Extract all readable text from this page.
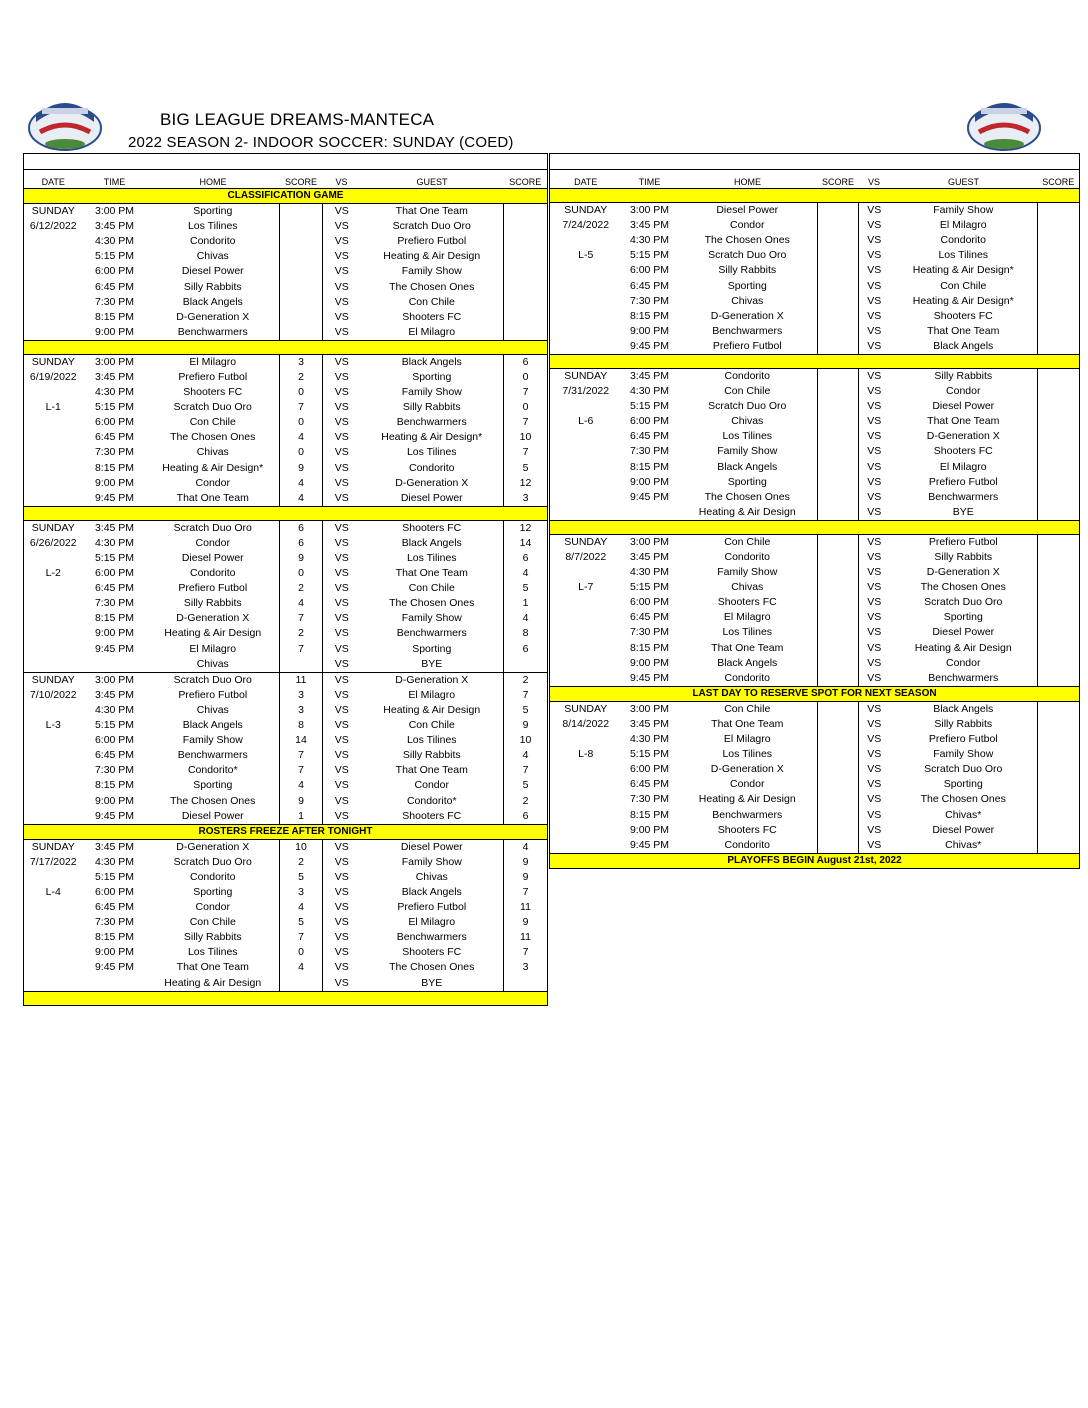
BIG LEAGUE DREAMS-MANTECA
2022 SEASON 2- INDOOR SOCCER: SUNDAY (COED)

DATE	TIME	HOME	SCORE	VS	GUEST	SCORE
CLASSIFICATION GAME						
SUNDAY	3:00 PM	Sporting		VS	That One Team	
6/12/2022	3:45 PM	Los Tilines		VS	Scratch Duo Oro	
	4:30 PM	Condorito		VS	Prefiero Futbol	
	5:15 PM	Chivas		VS	Heating & Air Design	
	6:00 PM	Diesel Power		VS	Family Show	
	6:45 PM	Silly Rabbits		VS	The Chosen Ones	
	7:30 PM	Black Angels		VS	Con Chile	
	8:15 PM	D-Generation X		VS	Shooters FC	
	9:00 PM	Benchwarmers		VS	El Milagro	

SUNDAY	3:00 PM	El Milagro	3	VS	Black Angels	6
6/19/2022	3:45 PM	Prefiero Futbol	2	VS	Sporting	0
	4:30 PM	Shooters FC	0	VS	Family Show	7
L-1	5:15 PM	Scratch Duo Oro	7	VS	Silly Rabbits	0
	6:00 PM	Con Chile	0	VS	Benchwarmers	7
	6:45 PM	The Chosen Ones	4	VS	Heating & Air Design*	10
	7:30 PM	Chivas	0	VS	Los Tilines	7
	8:15 PM	Heating & Air Design*	9	VS	Condorito	5
	9:00 PM	Condor	4	VS	D-Generation X	12
	9:45 PM	That One Team	4	VS	Diesel Power	3

SUNDAY	3:45 PM	Scratch Duo Oro	6	VS	Shooters FC	12
6/26/2022	4:30 PM	Condor	6	VS	Black Angels	14
	5:15 PM	Diesel Power	9	VS	Los Tilines	6
L-2	6:00 PM	Condorito	0	VS	That One Team	4
	6:45 PM	Prefiero Futbol	2	VS	Con Chile	5
	7:30 PM	Silly Rabbits	4	VS	The Chosen Ones	1
	8:15 PM	D-Generation X	7	VS	Family Show	4
	9:00 PM	Heating & Air Design	2	VS	Benchwarmers	8
	9:45 PM	El Milagro	7	VS	Sporting	6
		Chivas		VS	BYE	
SUNDAY	3:00 PM	Scratch Duo Oro	11	VS	D-Generation X	2
7/10/2022	3:45 PM	Prefiero Futbol	3	VS	El Milagro	7
	4:30 PM	Chivas	3	VS	Heating & Air Design	5
L-3	5:15 PM	Black Angels	8	VS	Con Chile	9
	6:00 PM	Family Show	14	VS	Los Tilines	10
	6:45 PM	Benchwarmers	7	VS	Silly Rabbits	4
	7:30 PM	Condorito*	7	VS	That One Team	7
	8:15 PM	Sporting	4	VS	Condor	5
	9:00 PM	The Chosen Ones	9	VS	Condorito*	2
	9:45 PM	Diesel Power	1	VS	Shooters FC	6
ROSTERS FREEZE AFTER TONIGHT						
SUNDAY	3:45 PM	D-Generation X	10	VS	Diesel Power	4
7/17/2022	4:30 PM	Scratch Duo Oro	2	VS	Family Show	9
	5:15 PM	Condorito	5	VS	Chivas	9
L-4	6:00 PM	Sporting	3	VS	Black Angels	7
	6:45 PM	Condor	4	VS	Prefiero Futbol	11
	7:30 PM	Con Chile	5	VS	El Milagro	9
	8:15 PM	Silly Rabbits	7	VS	Benchwarmers	11
	9:00 PM	Los Tilines	0	VS	Shooters FC	7
	9:45 PM	That One Team	4	VS	The Chosen Ones	3
		Heating & Air Design		VS	BYE	

DATE	TIME	HOME	SCORE	VS	GUEST	SCORE

SUNDAY	3:00 PM	Diesel Power		VS	Family Show	
7/24/2022	3:45 PM	Condor		VS	El Milagro	
	4:30 PM	The Chosen Ones		VS	Condorito	
L-5	5:15 PM	Scratch Duo Oro		VS	Los Tilines	
	6:00 PM	Silly Rabbits		VS	Heating & Air Design*	
	6:45 PM	Sporting		VS	Con Chile	
	7:30 PM	Chivas		VS	Heating & Air Design*	
	8:15 PM	D-Generation X		VS	Shooters FC	
	9:00 PM	Benchwarmers		VS	That One Team	
	9:45 PM	Prefiero Futbol		VS	Black Angels	

SUNDAY	3:45 PM	Condorito		VS	Silly Rabbits	
7/31/2022	4:30 PM	Con Chile		VS	Condor	
	5:15 PM	Scratch Duo Oro		VS	Diesel Power	
L-6	6:00 PM	Chivas		VS	That One Team	
	6:45 PM	Los Tilines		VS	D-Generation X	
	7:30 PM	Family Show		VS	Shooters FC	
	8:15 PM	Black Angels		VS	El Milagro	
	9:00 PM	Sporting		VS	Prefiero Futbol	
	9:45 PM	The Chosen Ones		VS	Benchwarmers	
		Heating & Air Design		VS	BYE	

SUNDAY	3:00 PM	Con Chile		VS	Prefiero Futbol	
8/7/2022	3:45 PM	Condorito		VS	Silly Rabbits	
	4:30 PM	Family Show		VS	D-Generation X	
L-7	5:15 PM	Chivas		VS	The Chosen Ones	
	6:00 PM	Shooters FC		VS	Scratch Duo Oro	
	6:45 PM	El Milagro		VS	Sporting	
	7:30 PM	Los Tilines		VS	Diesel Power	
	8:15 PM	That One Team		VS	Heating & Air Design	
	9:00 PM	Black Angels		VS	Condor	
	9:45 PM	Condorito		VS	Benchwarmers	
LAST DAY TO RESERVE SPOT FOR NEXT SEASON						
SUNDAY	3:00 PM	Con Chile		VS	Black Angels	
8/14/2022	3:45 PM	That One Team		VS	Silly Rabbits	
	4:30 PM	El Milagro		VS	Prefiero Futbol	
L-8	5:15 PM	Los Tilines		VS	Family Show	
	6:00 PM	D-Generation X		VS	Scratch Duo Oro	
	6:45 PM	Condor		VS	Sporting	
	7:30 PM	Heating & Air Design		VS	The Chosen Ones	
	8:15 PM	Benchwarmers		VS	Chivas*	
	9:00 PM	Shooters FC		VS	Diesel Power	
	9:45 PM	Condorito		VS	Chivas*	
PLAYOFFS BEGIN August 21st, 2022						
